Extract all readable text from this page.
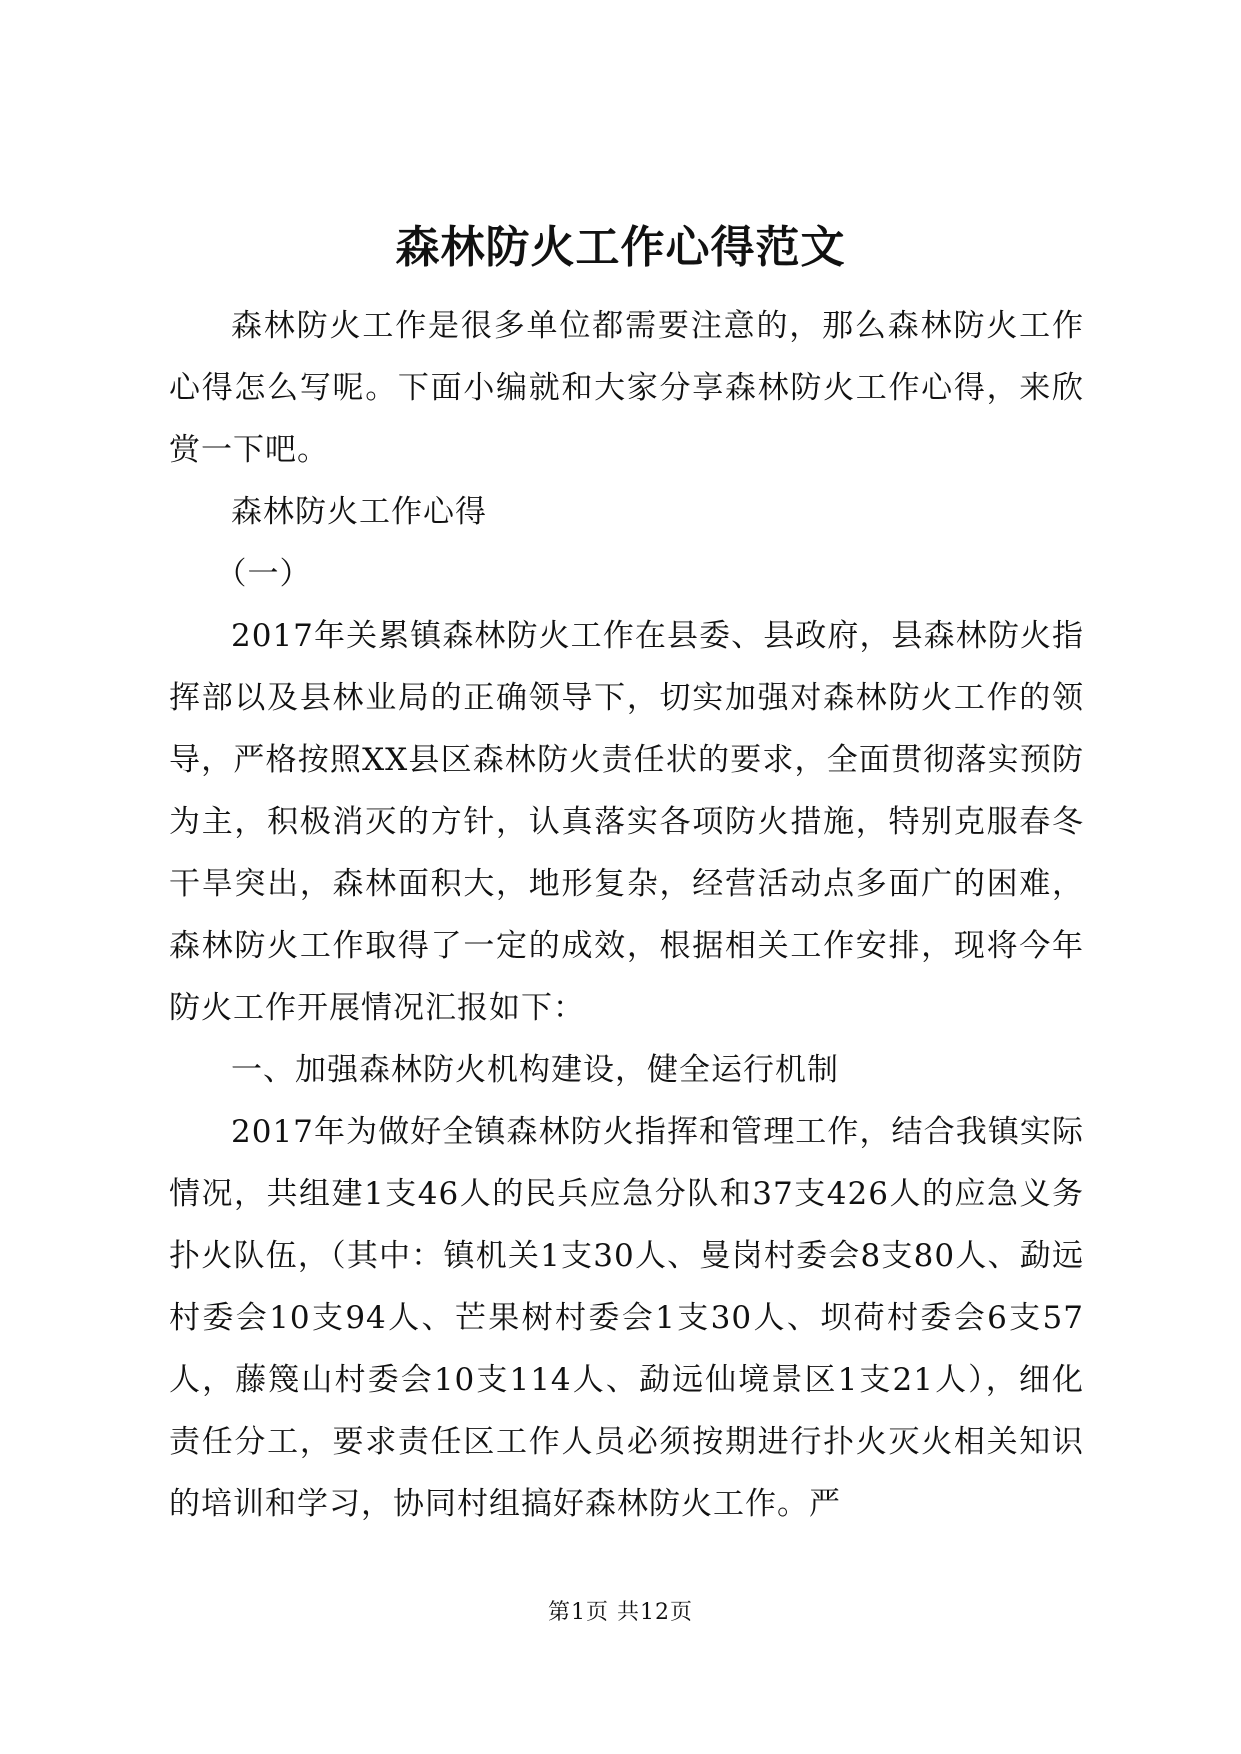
森林防火工作心得范文

森林防火工作是很多单位都需要注意的，那么森林防火工作心得怎么写呢。下面小编就和大家分享森林防火工作心得，来欣赏一下吧。

森林防火工作心得

（一）

2017年关累镇森林防火工作在县委、县政府，县森林防火指挥部以及县林业局的正确领导下，切实加强对森林防火工作的领导，严格按照XX县区森林防火责任状的要求，全面贯彻落实预防为主，积极消灭的方针，认真落实各项防火措施，特别克服春冬干旱突出，森林面积大，地形复杂，经营活动点多面广的困难，森林防火工作取得了一定的成效，根据相关工作安排，现将今年防火工作开展情况汇报如下：

一、加强森林防火机构建设，健全运行机制

2017年为做好全镇森林防火指挥和管理工作，结合我镇实际情况，共组建1支46人的民兵应急分队和37支426人的应急义务扑火队伍，（其中：镇机关1支30人、曼岗村委会8支80人、勐远村委会10支94人、芒果树村委会1支30人、坝荷村委会6支57人，藤篾山村委会10支114人、勐远仙境景区1支21人），细化责任分工，要求责任区工作人员必须按期进行扑火灭火相关知识的培训和学习，协同村组搞好森林防火工作。严

第1页 共12页
